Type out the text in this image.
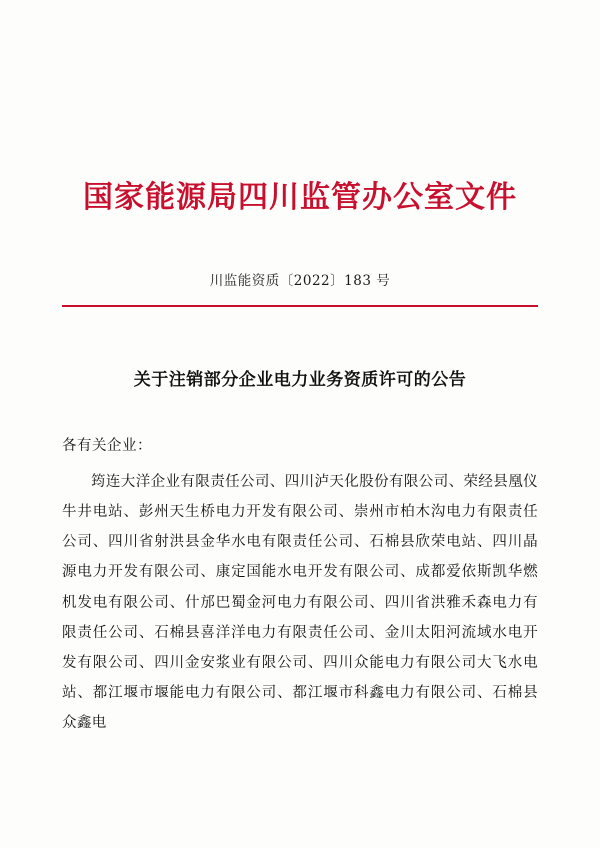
国家能源局四川监管办公室文件
川监能资质〔2022〕183 号
关于注销部分企业电力业务资质许可的公告
各有关企业：

筠连大洋企业有限责任公司、四川泸天化股份有限公司、荣经县凰仪牛井电站、彭州天生桥电力开发有限公司、崇州市柏木沟电力有限责任公司、四川省射洪县金华水电有限责任公司、石棉县欣荣电站、四川晶源电力开发有限公司、康定国能水电开发有限公司、成都爱依斯凯华燃机发电有限公司、什邡巴蜀金河电力有限公司、四川省洪雅禾森电力有限责任公司、石棉县喜洋洋电力有限责任公司、金川太阳河流域水电开发有限公司、四川金安浆业有限公司、四川众能电力有限公司大飞水电站、都江堰市堰能电力有限公司、都江堰市科鑫电力有限公司、石棉县众鑫电
